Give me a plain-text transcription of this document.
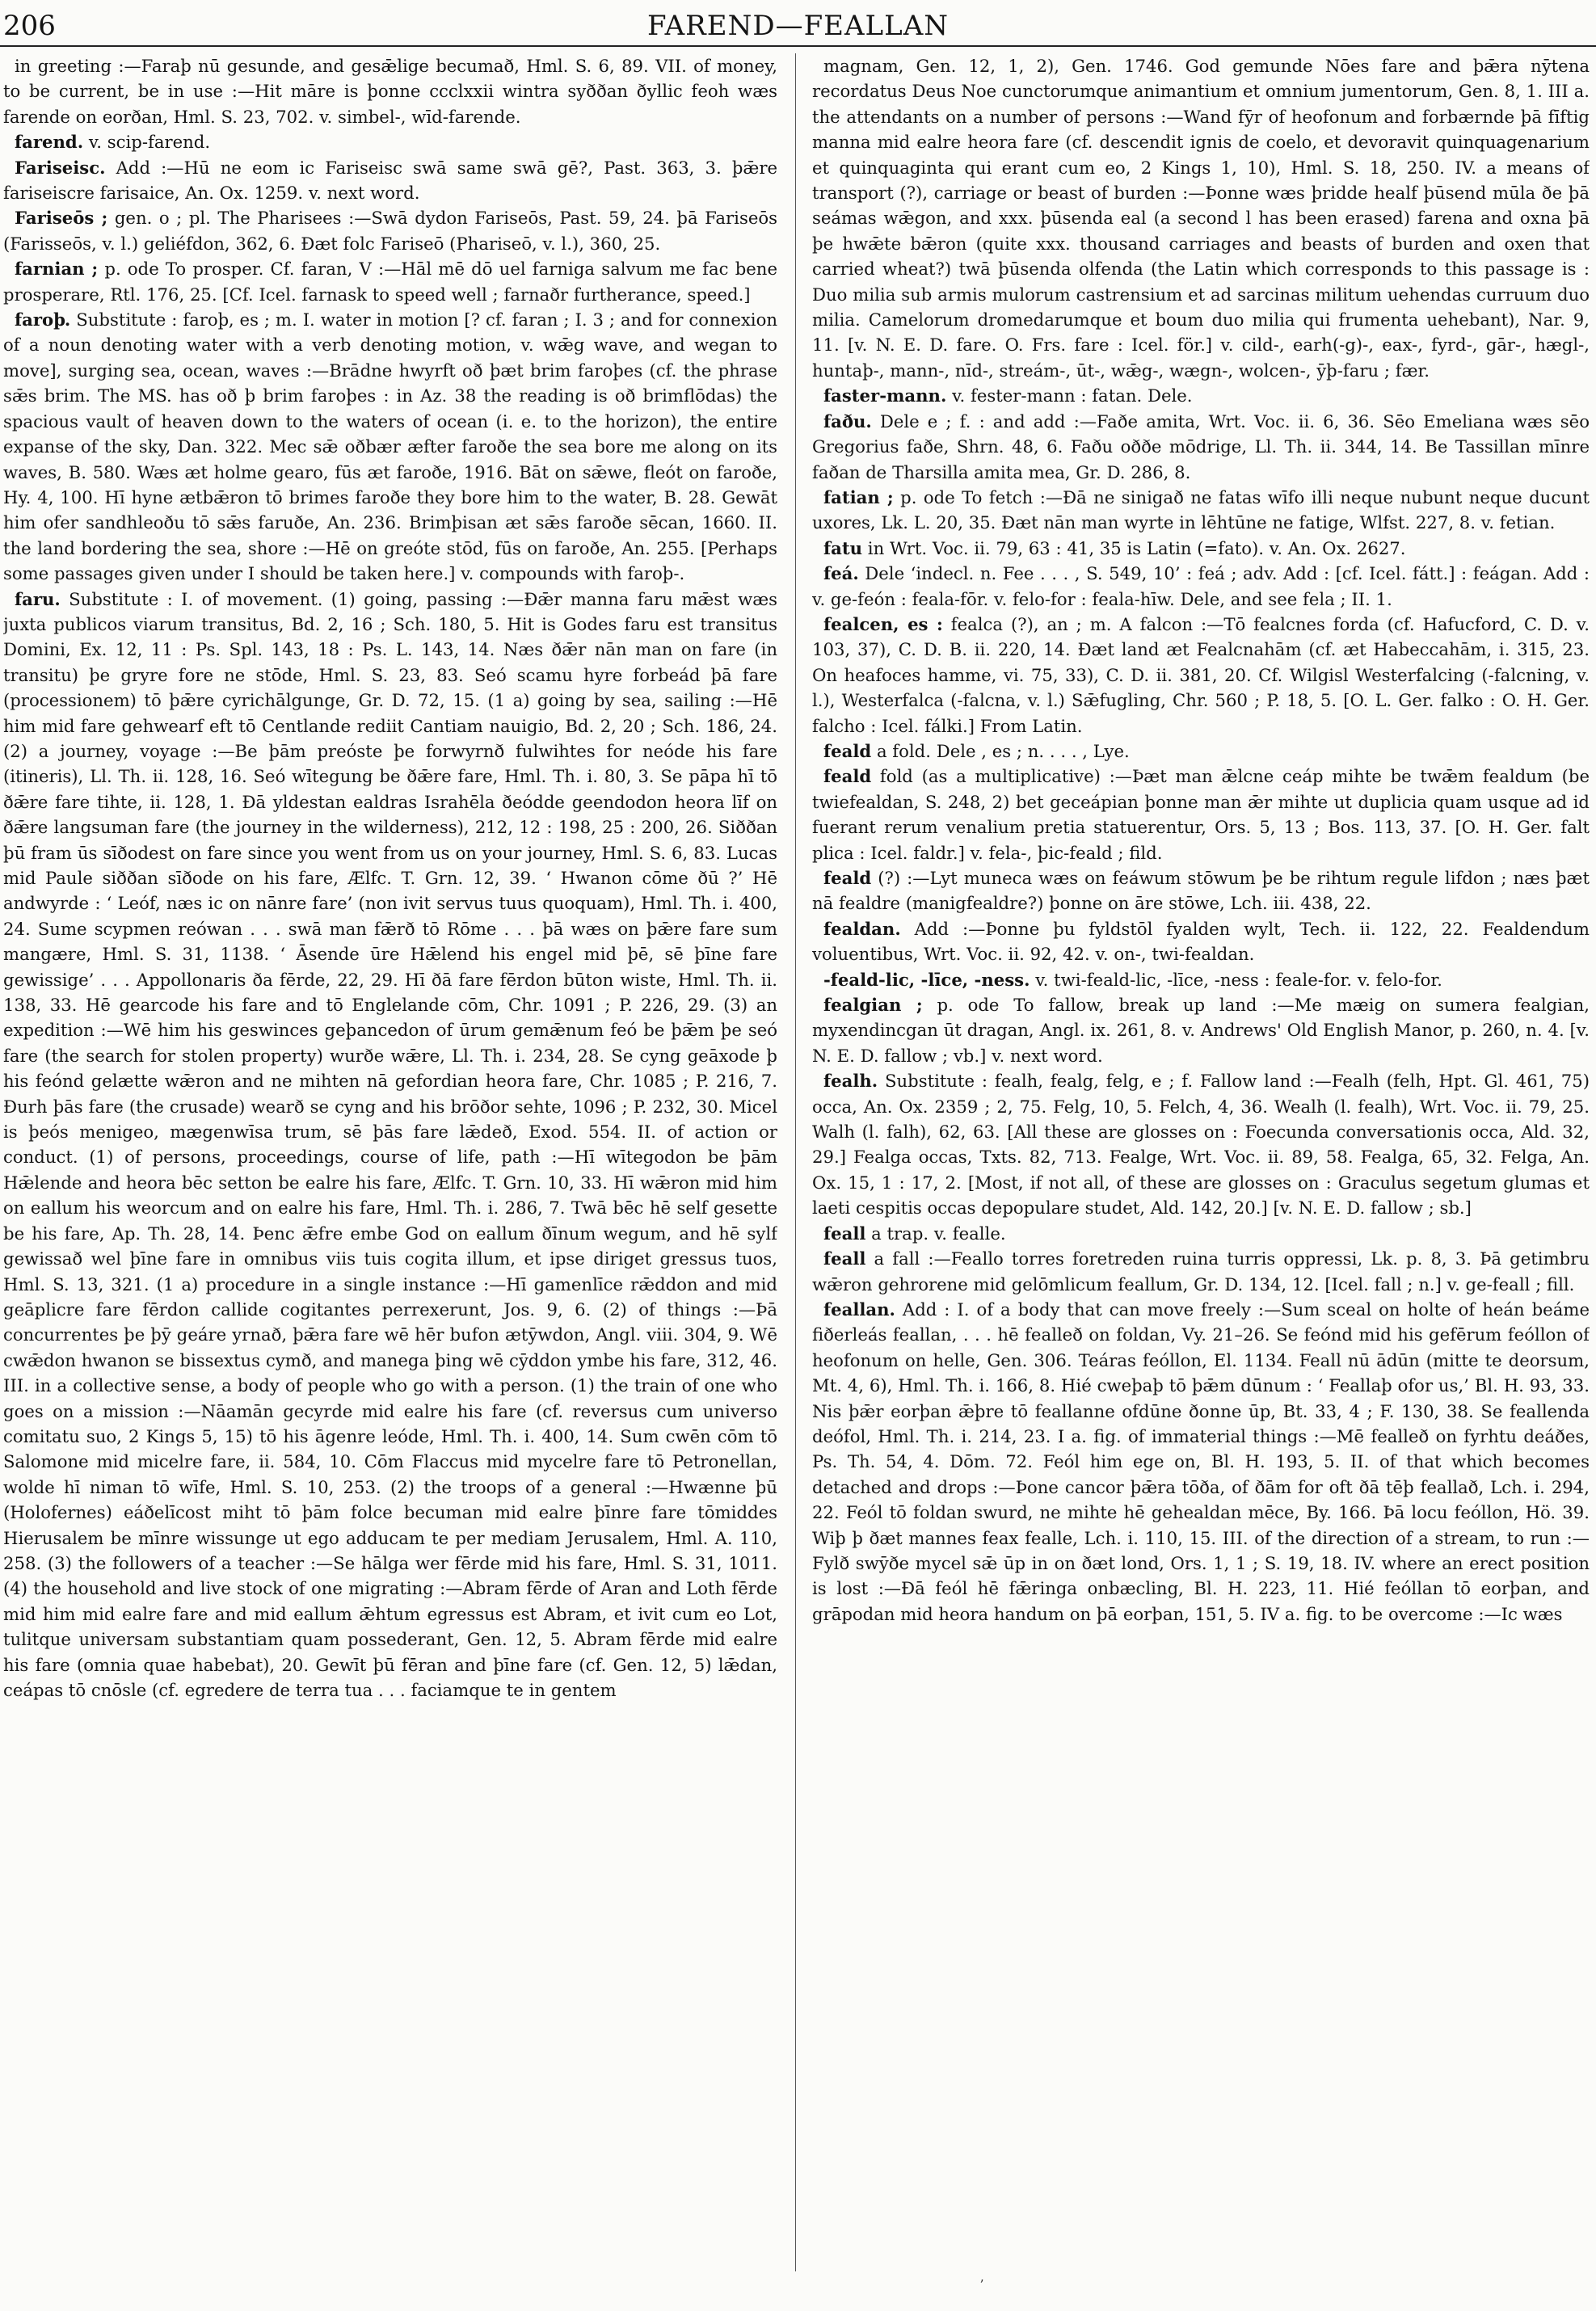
206	FAREND—FEALLAN

in greeting :—Faraþ nū gesunde, and gesǣlige becumað, Hml. S. 6, 89. VII. of money, to be current, be in use :—Hit māre is þonne ccclxxii wintra syððan ðyllic feoh wæs farende on eorðan, Hml. S. 23, 702. v. simbel-, wīd-farende.

farend. v. scip-farend.

Fariseisc. Add :—Hū ne eom ic Fariseisc swā same swā gē?, Past. 363, 3. þǣre fariseiscre farisaice, An. Ox. 1259. v. next word.

Fariseōs ; gen. o ; pl. The Pharisees :—Swā dydon Fariseōs, Past. 59, 24. þā Fariseōs (Farisseōs, v. l.) geliéfdon, 362, 6. Ðæt folc Fariseō (Phariseō, v. l.), 360, 25.

farnian ; p. ode To prosper. Cf. faran, V :—Hāl mē dō uel farniga salvum me fac bene prosperare, Rtl. 176, 25. [Cf. Icel. farnask to speed well ; farnaðr furtherance, speed.]

faroþ. Substitute : faroþ, es ; m. I. water in motion [? cf. faran ; I. 3 ; and for connexion of a noun denoting water with a verb denoting motion, v. wǣg wave, and wegan to move], surging sea, ocean, waves :—Brādne hwyrft oð þæt brim faroþes (cf. the phrase sǣs brim. The MS. has oð þ brim faroþes : in Az. 38 the reading is oð brimflōdas) the spacious vault of heaven down to the waters of ocean (i. e. to the horizon), the entire expanse of the sky, Dan. 322. Mec sǣ oðbær æfter faroðe the sea bore me along on its waves, B. 580. Wæs æt holme gearo, fūs æt faroðe, 1916. Bāt on sǣwe, fleót on faroðe, Hy. 4, 100. Hī hyne ætbǣron tō brimes faroðe they bore him to the water, B. 28. Gewāt him ofer sandhleoðu tō sǣs faruðe, An. 236. Brimþisan æt sǣs faroðe sēcan, 1660. II. the land bordering the sea, shore :—Hē on greóte stōd, fūs on faroðe, An. 255. [Perhaps some passages given under I should be taken here.] v. compounds with faroþ-.

faru. Substitute : I. of movement. (1) going, passing :—Ðǣr manna faru mǣst wæs juxta publicos viarum transitus, Bd. 2, 16 ; Sch. 180, 5. Hit is Godes faru est transitus Domini, Ex. 12, 11 : Ps. Spl. 143, 18 : Ps. L. 143, 14. Næs ðǣr nān man on fare (in transitu) þe gryre fore ne stōde, Hml. S. 23, 83. Seó scamu hyre forbeád þā fare (processionem) tō þǣre cyrichālgunge, Gr. D. 72, 15. (1 a) going by sea, sailing :—Hē him mid fare gehwearf eft tō Centlande rediit Cantiam nauigio, Bd. 2, 20 ; Sch. 186, 24. (2) a journey, voyage :—Be þām preóste þe forwyrnð fulwihtes for neóde his fare (itineris), Ll. Th. ii. 128, 16. Seó wītegung be ðǣre fare, Hml. Th. i. 80, 3. Se pāpa hī tō ðǣre fare tihte, ii. 128, 1. Ðā yldestan ealdras Israhēla ðeódde geendodon heora līf on ðǣre langsuman fare (the journey in the wilderness), 212, 12 : 198, 25 : 200, 26. Siððan þū fram ūs sīðodest on fare since you went from us on your journey, Hml. S. 6, 83. Lucas mid Paule siððan sīðode on his fare, Ælfc. T. Grn. 12, 39. ‘ Hwanon cōme ðū ?’ Hē andwyrde : ‘ Leóf, næs ic on nānre fare’ (non ivit servus tuus quoquam), Hml. Th. i. 400, 24. Sume scypmen reówan . . . swā man fǣrð tō Rōme . . . þā wæs on þǣre fare sum mangære, Hml. S. 31, 1138. ‘ Āsende ūre Hǣlend his engel mid þē, sē þīne fare gewissige’ . . . Appollonaris ða fērde, 22, 29. Hī ðā fare fērdon būton wiste, Hml. Th. ii. 138, 33. Hē gearcode his fare and tō Englelande cōm, Chr. 1091 ; P. 226, 29. (3) an expedition :—Wē him his geswinces geþancedon of ūrum gemǣnum feó be þǣm þe seó fare (the search for stolen property) wurðe wǣre, Ll. Th. i. 234, 28. Se cyng geāxode þ his feónd gelætte wǣron and ne mihten nā gefordian heora fare, Chr. 1085 ; P. 216, 7. Ðurh þās fare (the crusade) wearð se cyng and his brōðor sehte, 1096 ; P. 232, 30. Micel is þeós menigeo, mægenwīsa trum, sē þās fare lǣdeð, Exod. 554. II. of action or conduct. (1) of persons, proceedings, course of life, path :—Hī wītegodon be þām Hǣlende and heora bēc setton be ealre his fare, Ælfc. T. Grn. 10, 33. Hī wǣron mid him on eallum his weorcum and on ealre his fare, Hml. Th. i. 286, 7. Twā bēc hē self gesette be his fare, Ap. Th. 28, 14. Þenc ǣfre embe God on eallum ðīnum wegum, and hē sylf gewissað wel þīne fare in omnibus viis tuis cogita illum, et ipse diriget gressus tuos, Hml. S. 13, 321. (1 a) procedure in a single instance :—Hī gamenlīce rǣddon and mid geāplicre fare fērdon callide cogitantes perrexerunt, Jos. 9, 6. (2) of things :—Þā concurrentes þe þȳ geáre yrnað, þǣra fare wē hēr bufon ætȳwdon, Angl. viii. 304, 9. Wē cwǣdon hwanon se bissextus cymð, and manega þing wē cȳddon ymbe his fare, 312, 46. III. in a collective sense, a body of people who go with a person. (1) the train of one who goes on a mission :—Nāamān gecyrde mid ealre his fare (cf. reversus cum universo comitatu suo, 2 Kings 5, 15) tō his āgenre leóde, Hml. Th. i. 400, 14. Sum cwēn cōm tō Salomone mid micelre fare, ii. 584, 10. Cōm Flaccus mid mycelre fare tō Petronellan, wolde hī niman tō wīfe, Hml. S. 10, 253. (2) the troops of a general :—Hwænne þū (Holofernes) eáðelīcost miht tō þām folce becuman mid ealre þīnre fare tōmiddes Hierusalem be mīnre wissunge ut ego adducam te per mediam Jerusalem, Hml. A. 110, 258. (3) the followers of a teacher :—Se hālga wer fērde mid his fare, Hml. S. 31, 1011. (4) the household and live stock of one migrating :—Abram fērde of Aran and Loth fērde mid him mid ealre fare and mid eallum ǣhtum egressus est Abram, et ivit cum eo Lot, tulitque universam substantiam quam possederant, Gen. 12, 5. Abram fērde mid ealre his fare (omnia quae habebat), 20. Gewīt þū fēran and þīne fare (cf. Gen. 12, 5) lǣdan, ceápas tō cnōsle (cf. egredere de terra tua . . . faciamque te in gentem

magnam, Gen. 12, 1, 2), Gen. 1746. God gemunde Nōes fare and þǣra nȳtena recordatus Deus Noe cunctorumque animantium et omnium jumentorum, Gen. 8, 1. III a. the attendants on a number of persons :—Wand fȳr of heofonum and forbærnde þā fīftig manna mid ealre heora fare (cf. descendit ignis de coelo, et devoravit quinquagenarium et quinquaginta qui erant cum eo, 2 Kings 1, 10), Hml. S. 18, 250. IV. a means of transport (?), carriage or beast of burden :—Þonne wæs þridde healf þūsend mūla ðe þā seámas wǣgon, and xxx. þūsenda eal (a second l has been erased) farena and oxna þā þe hwǣte bǣron (quite xxx. thousand carriages and beasts of burden and oxen that carried wheat?) twā þūsenda olfenda (the Latin which corresponds to this passage is : Duo milia sub armis mulorum castrensium et ad sarcinas militum uehendas curruum duo milia. Camelorum dromedarumque et boum duo milia qui frumenta uehebant), Nar. 9, 11. [v. N. E. D. fare. O. Frs. fare : Icel. för.] v. cild-, earh(-g)-, eax-, fyrd-, gār-, hægl-, huntaþ-, mann-, nīd-, streám-, ūt-, wǣg-, wægn-, wolcen-, ȳþ-faru ; fær.

faster-mann. v. fester-mann : fatan. Dele.

faðu. Dele e ; f. : and add :—Faðe amita, Wrt. Voc. ii. 6, 36. Sēo Emeliana wæs sēo Gregorius faðe, Shrn. 48, 6. Faðu oððe mōdrige, Ll. Th. ii. 344, 14. Be Tassillan mīnre faðan de Tharsilla amita mea, Gr. D. 286, 8.

fatian ; p. ode To fetch :—Ðā ne sinigað ne fatas wīfo illi neque nubunt neque ducunt uxores, Lk. L. 20, 35. Ðæt nān man wyrte in lēhtūne ne fatige, Wlfst. 227, 8. v. fetian.

fatu in Wrt. Voc. ii. 79, 63 : 41, 35 is Latin (=fato). v. An. Ox. 2627.

feá. Dele ‘indecl. n. Fee . . . , S. 549, 10’ : feá ; adv. Add : [cf. Icel. fátt.] : feágan. Add : v. ge-feón : feala-fōr. v. felo-for : feala-hīw. Dele, and see fela ; II. 1.

fealcen, es : fealca (?), an ; m. A falcon :—Tō fealcnes forda (cf. Hafucford, C. D. v. 103, 37), C. D. B. ii. 220, 14. Ðæt land æt Fealcnahām (cf. æt Habeccahām, i. 315, 23. On heafoces hamme, vi. 75, 33), C. D. ii. 381, 20. Cf. Wilgisl Westerfalcing (-falcning, v. l.), Westerfalca (-falcna, v. l.) Sǣfugling, Chr. 560 ; P. 18, 5. [O. L. Ger. falko : O. H. Ger. falcho : Icel. fálki.] From Latin.

feald a fold. Dele , es ; n. . . . , Lye.

feald fold (as a multiplicative) :—Þæt man ǣlcne ceáp mihte be twǣm fealdum (be twiefealdan, S. 248, 2) bet geceápian þonne man ǣr mihte ut duplicia quam usque ad id fuerant rerum venalium pretia statuerentur, Ors. 5, 13 ; Bos. 113, 37. [O. H. Ger. falt plica : Icel. faldr.] v. fela-, þic-feald ; fild.

feald (?) :—Lyt muneca wæs on feáwum stōwum þe be rihtum regule lifdon ; næs þæt nā fealdre (manigfealdre?) þonne on āre stōwe, Lch. iii. 438, 22.

fealdan. Add :—Þonne þu fyldstōl fyalden wylt, Tech. ii. 122, 22. Fealdendum voluentibus, Wrt. Voc. ii. 92, 42. v. on-, twi-fealdan.

-feald-lic, -līce, -ness. v. twi-feald-lic, -līce, -ness : feale-for. v. felo-for.

fealgian ; p. ode To fallow, break up land :—Me mæig on sumera fealgian, myxendincgan ūt dragan, Angl. ix. 261, 8. v. Andrews' Old English Manor, p. 260, n. 4. [v. N. E. D. fallow ; vb.] v. next word.

fealh. Substitute : fealh, fealg, felg, e ; f. Fallow land :—Fealh (felh, Hpt. Gl. 461, 75) occa, An. Ox. 2359 ; 2, 75. Felg, 10, 5. Felch, 4, 36. Wealh (l. fealh), Wrt. Voc. ii. 79, 25. Walh (l. falh), 62, 63. [All these are glosses on : Foecunda conversationis occa, Ald. 32, 29.] Fealga occas, Txts. 82, 713. Fealge, Wrt. Voc. ii. 89, 58. Fealga, 65, 32. Felga, An. Ox. 15, 1 : 17, 2. [Most, if not all, of these are glosses on : Graculus segetum glumas et laeti cespitis occas depopulare studet, Ald. 142, 20.] [v. N. E. D. fallow ; sb.]

feall a trap. v. fealle.

feall a fall :—Feallo torres foretreden ruina turris oppressi, Lk. p. 8, 3. Þā getimbru wǣron gehrorene mid gelōmlicum feallum, Gr. D. 134, 12. [Icel. fall ; n.] v. ge-feall ; fill.

feallan. Add : I. of a body that can move freely :—Sum sceal on holte of heán beáme fiðerleás feallan, . . . hē fealleð on foldan, Vy. 21–26. Se feónd mid his gefērum feóllon of heofonum on helle, Gen. 306. Teáras feóllon, El. 1134. Feall nū ādūn (mitte te deorsum, Mt. 4, 6), Hml. Th. i. 166, 8. Hié cweþaþ tō þǣm dūnum : ‘ Feallaþ ofor us,’ Bl. H. 93, 33. Nis þǣr eorþan ǣþre tō feallanne ofdūne ðonne ūp, Bt. 33, 4 ; F. 130, 38. Se feallenda deófol, Hml. Th. i. 214, 23. I a. fig. of immaterial things :—Mē fealleð on fyrhtu deáðes, Ps. Th. 54, 4. Dōm. 72. Feól him ege on, Bl. H. 193, 5. II. of that which becomes detached and drops :—Þone cancor þǣra tōða, of ðām for oft ðā tēþ feallað, Lch. i. 294, 22. Feól tō foldan swurd, ne mihte hē gehealdan mēce, By. 166. Þā locu feóllon, Hö. 39. Wiþ þ ðæt mannes feax fealle, Lch. i. 110, 15. III. of the direction of a stream, to run :—Fylð swȳðe mycel sǣ ūp in on ðæt lond, Ors. 1, 1 ; S. 19, 18. IV. where an erect position is lost :—Ðā feól hē fǣringa onbæcling, Bl. H. 223, 11. Hié feóllan tō eorþan, and grāpodan mid heora handum on þā eorþan, 151, 5. IV a. fig. to be overcome :—Ic wæs

ʼ
